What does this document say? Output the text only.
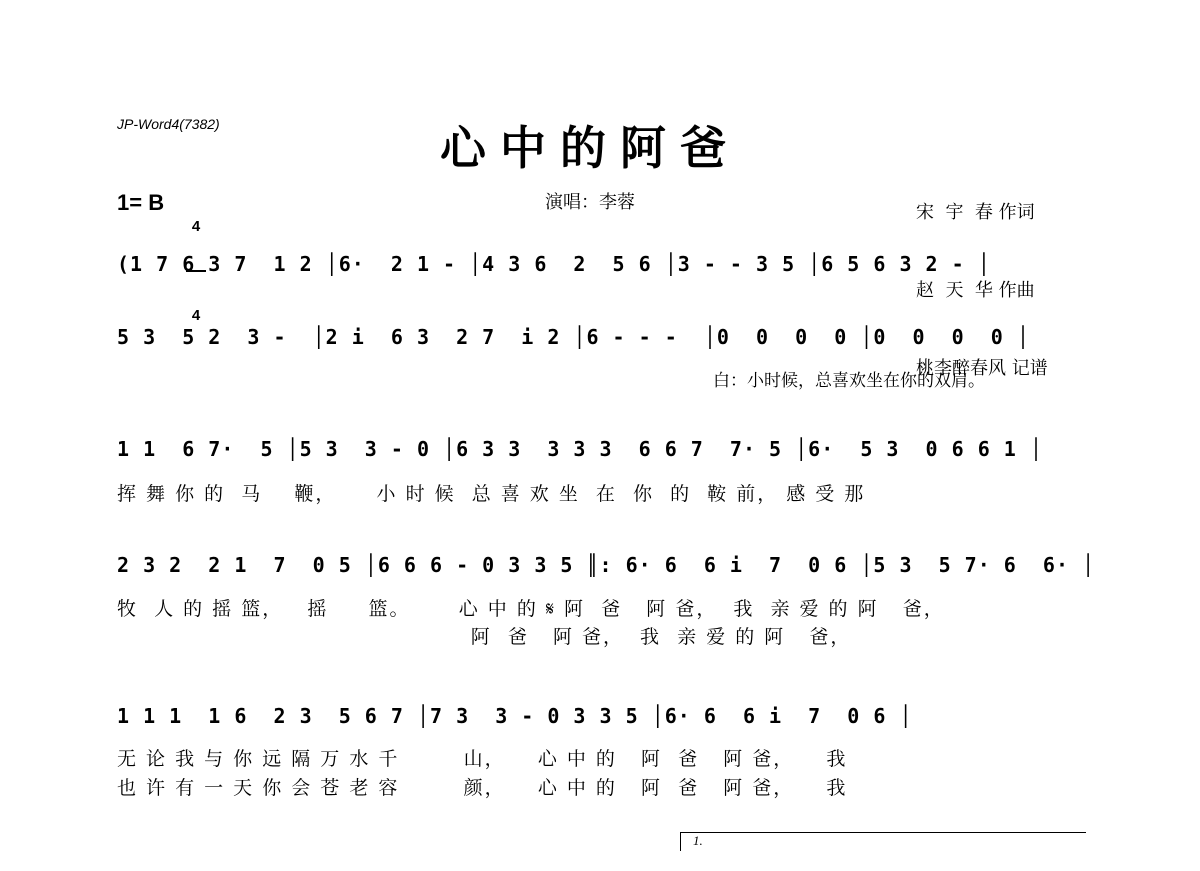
JP-Word4(7382)	心中的阿爸
1= B

4

4

演唱：李蓉

	宋  宇  春 作词

赵  天  华 作曲

桃李醉春风 记谱

(1 7 6 3 7  1 2 │6·  2 1 - │4 3 6  2  5 6 │3 - - 3 5 │6 5 6 3 2 - │
5 3  5 2  3 -  │2 i  6 3  2 7  i 2 │6 - - -  │0  0  0  0 │0  0  0  0 │
白：小时候，总喜欢坐在你的双肩。
1 1  6 7·  5 │5 3  3 - 0 │6 3 3  3 3 3  6 6 7  7· 5 │6·  5 3  0 6 6 1 │
挥 舞 你 的  马    鞭，     小 时 候  总 喜 欢 坐  在  你  的  鞍 前， 感 受 那
2 3 2  2 1  7  0 5 │6 6 6 - 0 3 3 5 ║: 6· 6  6 i  7  0 6 │5 3  5 7· 6  6· │
牧  人 的 摇 篮，   摇     篮。      心 中 的 𝄋 阿  爸   阿 爸，  我  亲 爱 的 阿   爸，
阿  爸   阿 爸，  我  亲 爱 的 阿   爸，
1 1 1  1 6  2 3  5 6 7 │7 3  3 - 0 3 3 5 │6· 6  6 i  7  0 6 │
无 论 我 与 你 远 隔 万 水 千        山，    心 中 的   阿  爸   阿 爸，    我
也 许 有 一 天 你 会 苍 老 容        颜，    心 中 的   阿  爸   阿 爸，    我

1.
